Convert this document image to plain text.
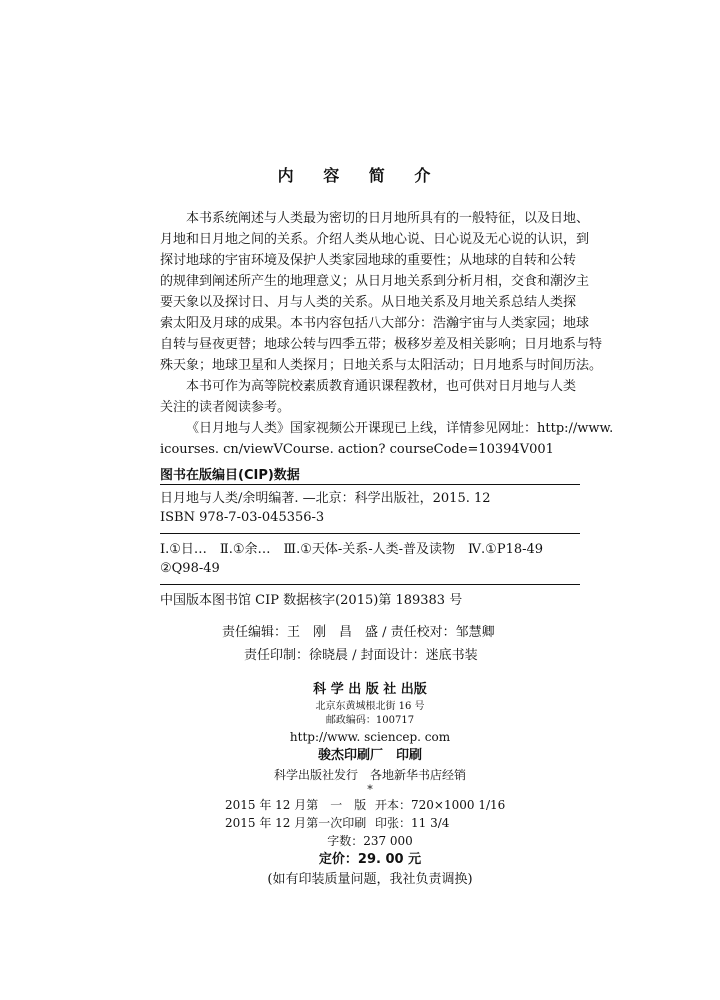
内 容 简 介

本书系统阐述与人类最为密切的日月地所具有的一般特征，以及日地、
月地和日月地之间的关系。介绍人类从地心说、日心说及无心说的认识，到
探讨地球的宇宙环境及保护人类家园地球的重要性；从地球的自转和公转
的规律到阐述所产生的地理意义；从日月地关系到分析月相，交食和潮汐主
要天象以及探讨日、月与人类的关系。从日地关系及月地关系总结人类探
索太阳及月球的成果。本书内容包括八大部分：浩瀚宇宙与人类家园；地球
自转与昼夜更替；地球公转与四季五带；极移岁差及相关影响；日月地系与特
殊天象；地球卫星和人类探月；日地关系与太阳活动；日月地系与时间历法。

本书可作为高等院校素质教育通识课程教材，也可供对日月地与人类
关注的读者阅读参考。

《日月地与人类》国家视频公开课现已上线，详情参见网址：http://www.
icourses. cn/viewVCourse. action? courseCode=10394V001

图书在版编目(CIP)数据
日月地与人类/余明编著. —北京：科学出版社，2015. 12
ISBN 978-7-03-045356-3
Ⅰ.①日…　Ⅱ.①余…　Ⅲ.①天体-关系-人类-普及读物　Ⅳ.①P18-49
②Q98-49
中国版本图书馆 CIP 数据核字(2015)第 189383 号
责任编辑：王　刚　昌　盛 / 责任校对：邹慧卿
责任印制：徐晓晨 / 封面设计：迷底书装
科 学 出 版 社 出版
北京东黄城根北街 16 号
邮政编码：100717
http://www. sciencep. com
骏杰印刷厂　印刷
科学出版社发行　各地新华书店经销
*
2015 年 12 月第　一　版 开本：720×1000 1/16
2015 年 12 月第一次印刷 印张：11 3/4
字数：237 000
定价：29. 00 元
(如有印装质量问题，我社负责调换)
